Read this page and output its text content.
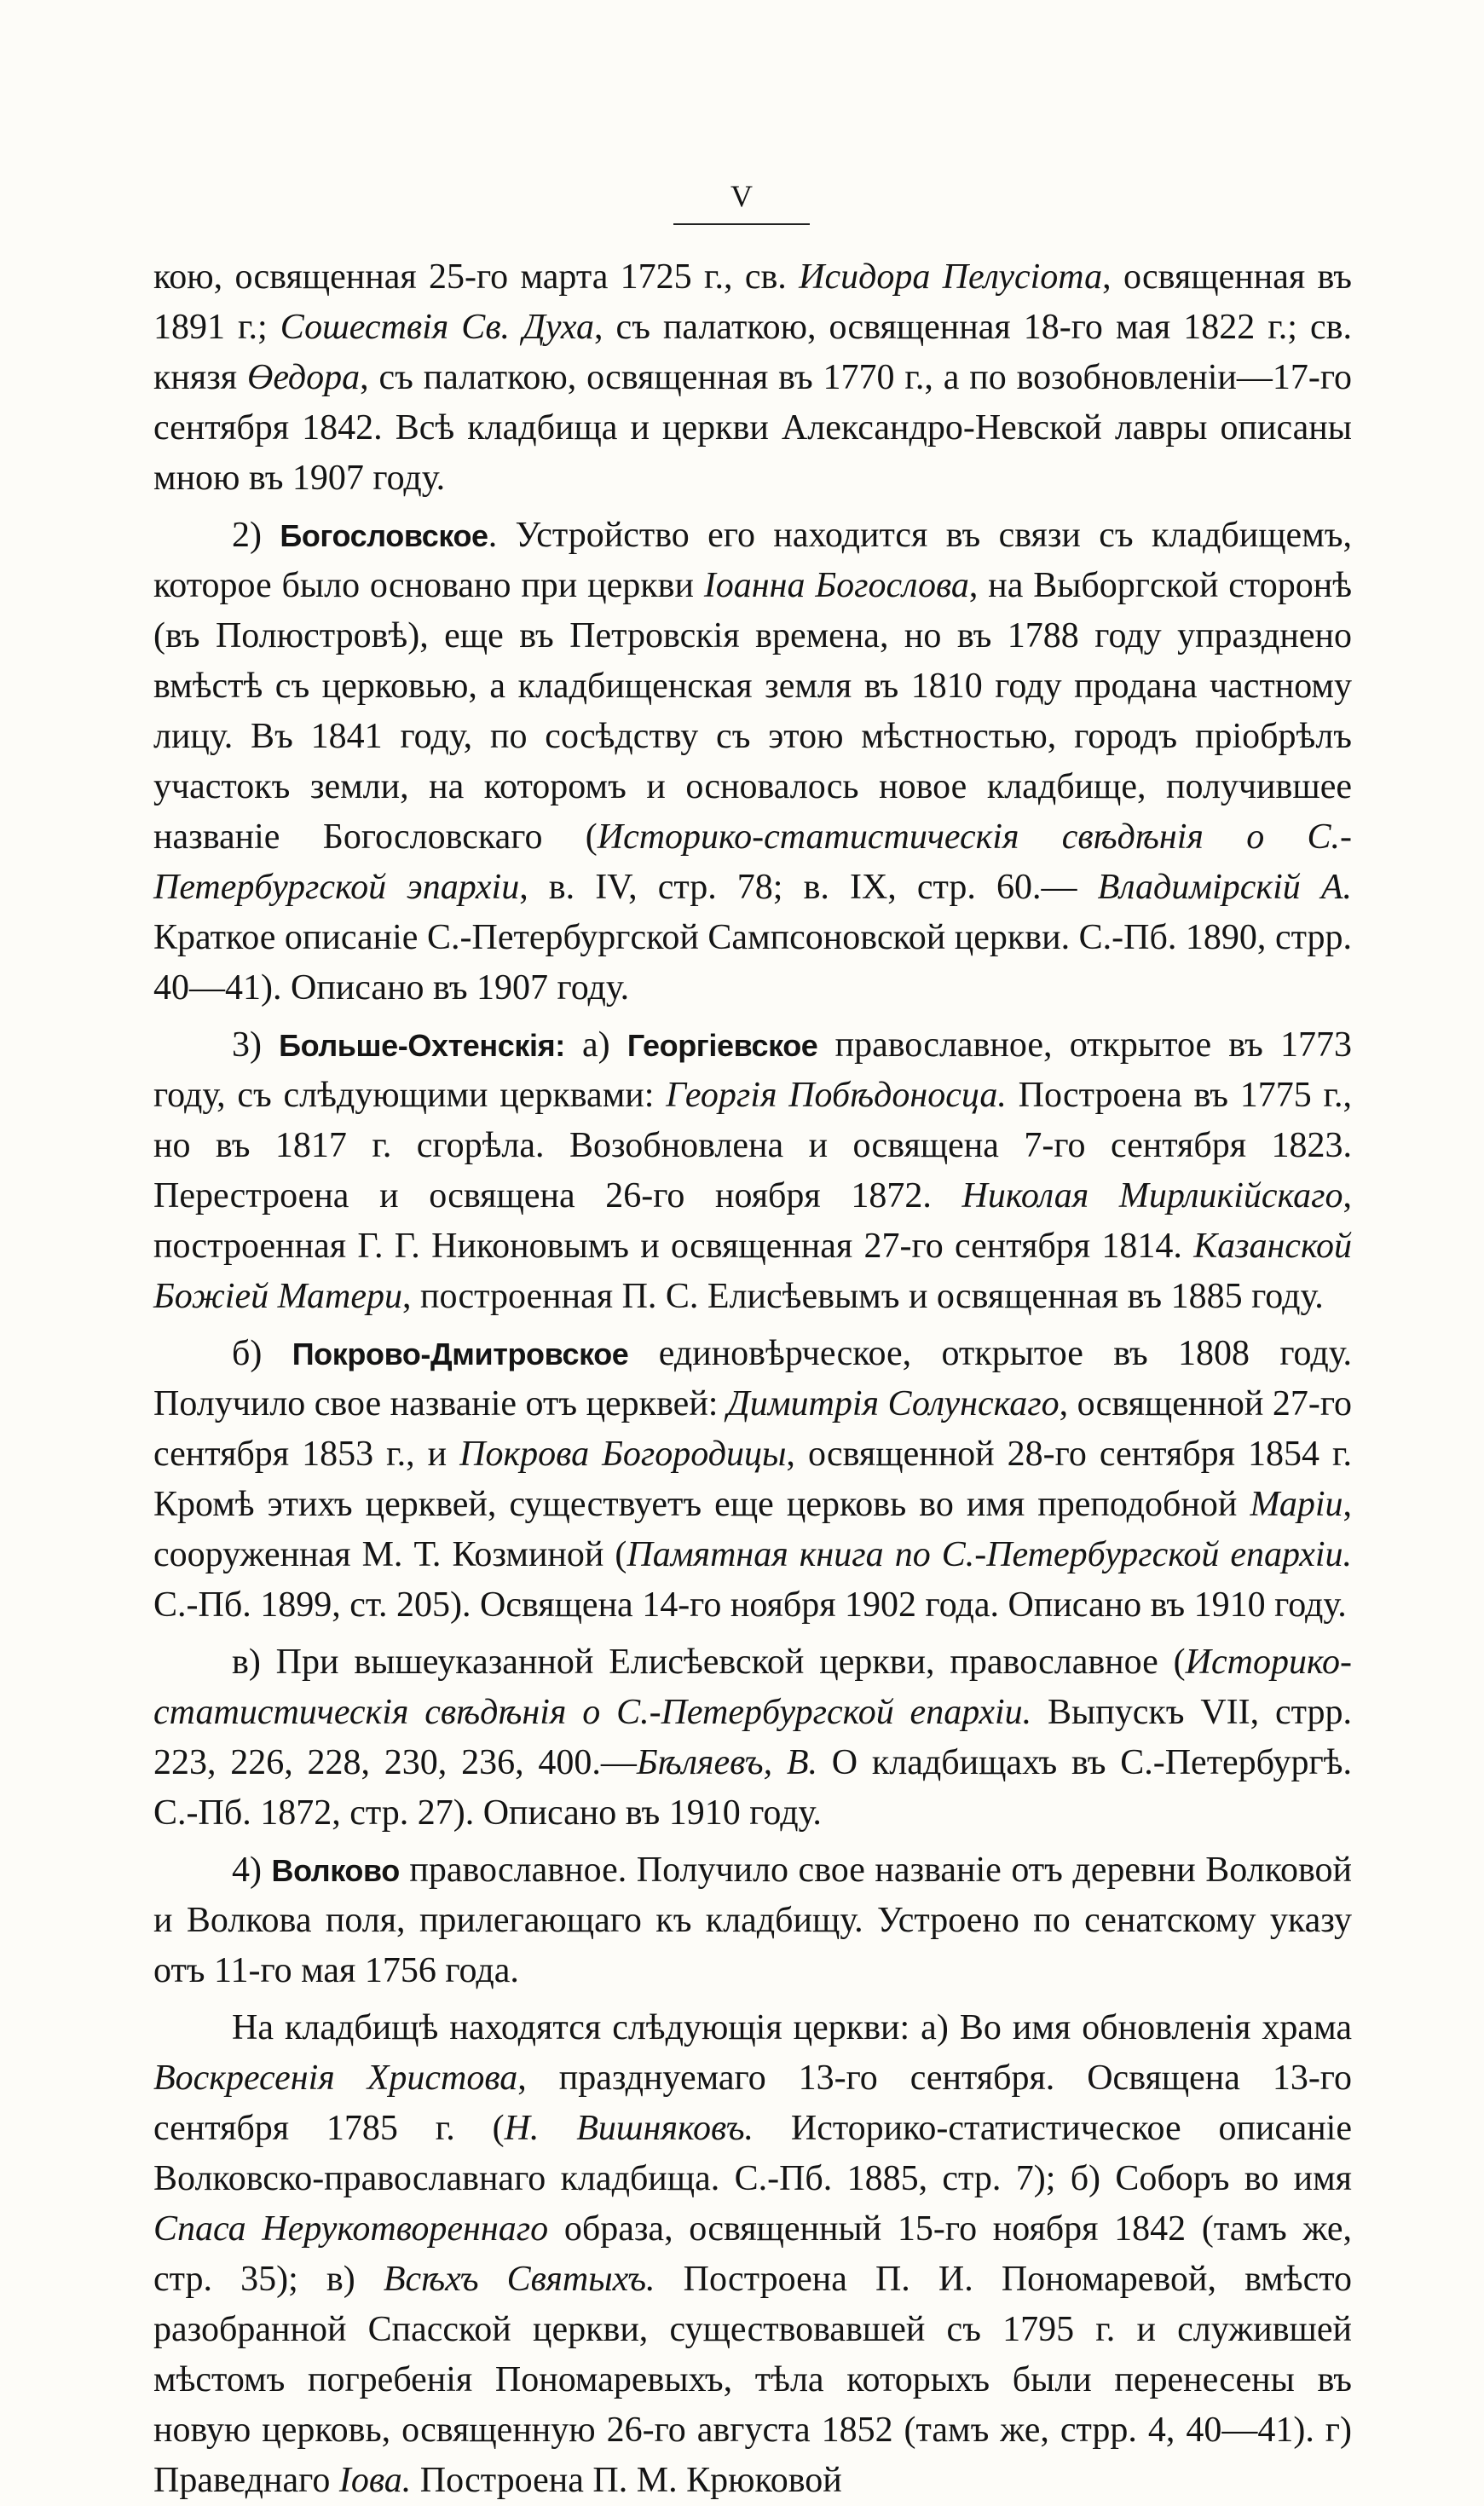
V

кою, освященная 25-го марта 1725 г., св. Исидора Пелусiота, освященная въ 1891 г.; Сошествiя Св. Духа, съ палаткою, освященная 18-го мая 1822 г.; св. князя Өедора, съ палаткою, освященная въ 1770 г., а по возобновленiи—17-го сентября 1842. Всѣ кладбища и церкви Александро-Невской лавры описаны мною въ 1907 году.

2) Богословское. Устройство его находится въ связи съ кладбищемъ, которое было основано при церкви Iоанна Богослова, на Выборгской сторонѣ (въ Полюстровѣ), еще въ Петровскiя времена, но въ 1788 году упразднено вмѣстѣ съ церковью, а кладбищенская земля въ 1810 году продана частному лицу. Въ 1841 году, по сосѣдству съ этою мѣстностью, городъ прiобрѣлъ участокъ земли, на которомъ и основалось новое кладбище, получившее названiе Богословскаго (Историко-статистическiя свѣдѣнiя о С.-Петербургской эпархiи, в. IV, стр. 78; в. IX, стр. 60.— Владимiрскiй А. Краткое описанiе С.-Петербургской Сампсоновской церкви. С.-Пб. 1890, стрр. 40—41). Описано въ 1907 году.

3) Больше-Охтенскiя: а) Георгiевское православное, открытое въ 1773 году, съ слѣдующими церквами: Георгiя Побѣдоносца. Построена въ 1775 г., но въ 1817 г. сгорѣла. Возобновлена и освящена 7-го сентября 1823. Перестроена и освящена 26-го ноября 1872. Николая Мирликiйскаго, построенная Г. Г. Никоновымъ и освященная 27-го сентября 1814. Казанской Божiей Матери, построенная П. С. Елисѣевымъ и освященная въ 1885 году.

б) Покрово-Дмитровское единовѣрческое, открытое въ 1808 году. Получило свое названiе отъ церквей: Димитрiя Солунскаго, освященной 27-го сентября 1853 г., и Покрова Богородицы, освященной 28-го сентября 1854 г. Кромѣ этихъ церквей, существуетъ еще церковь во имя преподобной Марiи, сооруженная М. Т. Козминой (Памятная книга по С.-Петербургской епархiи. С.-Пб. 1899, ст. 205). Освящена 14-го ноября 1902 года. Описано въ 1910 году.

в) При вышеуказанной Елисѣевской церкви, православное (Историко-статистическiя свѣдѣнiя о С.-Петербургской епархiи. Выпускъ VII, стрр. 223, 226, 228, 230, 236, 400.—Бѣляевъ, В. О кладбищахъ въ С.-Петербургѣ. С.-Пб. 1872, стр. 27). Описано въ 1910 году.

4) Волково православное. Получило свое названiе отъ деревни Волковой и Волкова поля, прилегающаго къ кладбищу. Устроено по сенатскому указу отъ 11-го мая 1756 года.

На кладбищѣ находятся слѣдующiя церкви: а) Во имя обновленiя храма Воскресенiя Христова, празднуемаго 13-го сентября. Освящена 13-го сентября 1785 г. (Н. Вишняковъ. Историко-статистическое описанiе Волковско-православнаго кладбища. С.-Пб. 1885, стр. 7); б) Соборъ во имя Спаса Нерукотвореннаго образа, освященный 15-го ноября 1842 (тамъ же, стр. 35); в) Всѣхъ Святыхъ. Построена П. И. Пономаревой, вмѣсто разобранной Спасской церкви, существовавшей съ 1795 г. и служившей мѣстомъ погребенiя Пономаревыхъ, тѣла которыхъ были перенесены въ новую церковь, освященную 26-го августа 1852 (тамъ же, стрр. 4, 40—41). г) Праведнаго Iова. Построена П. М. Крюковой
